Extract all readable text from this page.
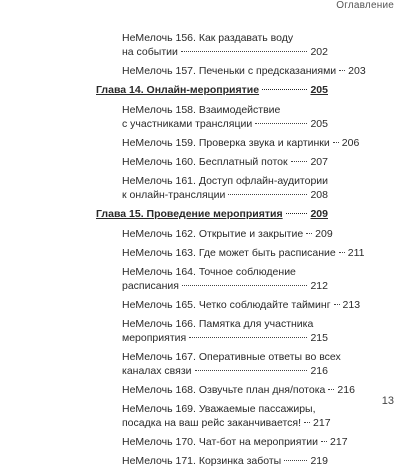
Оглавление
НеМелочь 156. Как раздавать воду
на событии	202
НеМелочь 157. Печеньки с предсказаниями 203
Глава 14. Онлайн-мероприятие	205
НеМелочь 158. Взаимодействие
с участниками трансляции	205
НеМелочь 159. Проверка звука и картинки 206
НеМелочь 160. Бесплатный поток 207
НеМелочь 161. Доступ офлайн-аудитории
к онлайн-трансляции	208
Глава 15. Проведение мероприятия	209
НеМелочь 162. Открытие и закрытие 209
НеМелочь 163. Где может быть расписание 211
НеМелочь 164. Точное соблюдение
расписания	212
НеМелочь 165. Четко соблюдайте тайминг 213
НеМелочь 166. Памятка для участника
мероприятия	215
НеМелочь 167. Оперативные ответы во всех
каналах связи	216
НеМелочь 168. Озвучьте план дня/потока 216
НеМелочь 169. Уважаемые пассажиры,
посадка на ваш рейс заканчивается! 217
НеМелочь 170. Чат-бот на мероприятии 217
НеМелочь 171. Корзинка заботы	219
13
